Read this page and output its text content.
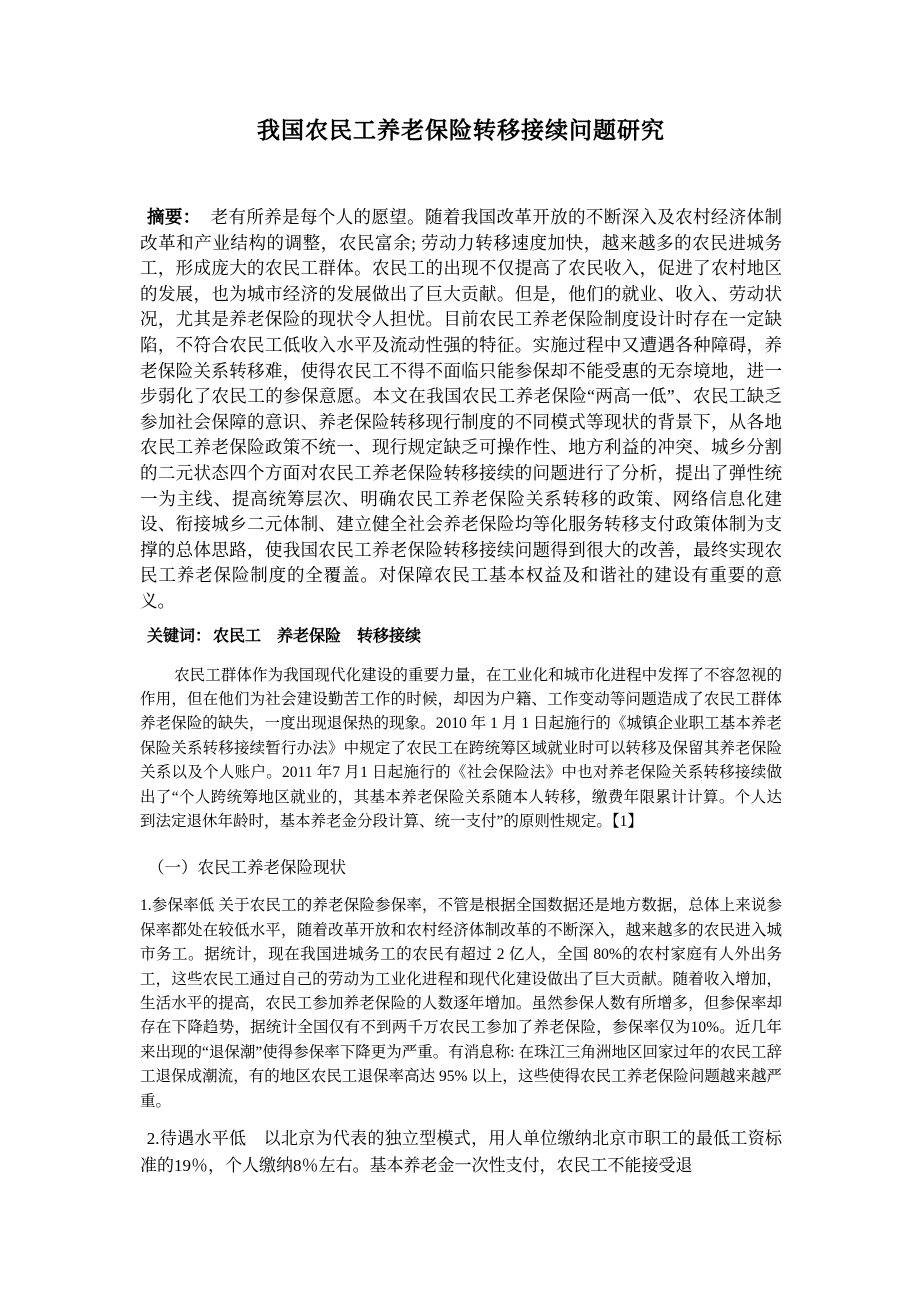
我国农民工养老保险转移接续问题研究

摘要： 老有所养是每个人的愿望。随着我国改革开放的不断深入及农村经济体制改革和产业结构的调整，农民富余; 劳动力转移速度加快，越来越多的农民进城务工，形成庞大的农民工群体。农民工的出现不仅提高了农民收入，促进了农村地区的发展，也为城市经济的发展做出了巨大贡献。但是，他们的就业、收入、劳动状况，尤其是养老保险的现状令人担忧。目前农民工养老保险制度设计时存在一定缺陷，不符合农民工低收入水平及流动性强的特征。实施过程中又遭遇各种障碍，养老保险关系转移难，使得农民工不得不面临只能参保却不能受惠的无奈境地，进一步弱化了农民工的参保意愿。本文在我国农民工养老保险“两高一低”、农民工缺乏参加社会保障的意识、养老保险转移现行制度的不同模式等现状的背景下，从各地农民工养老保险政策不统一、现行规定缺乏可操作性、地方利益的冲突、城乡分割的二元状态四个方面对农民工养老保险转移接续的问题进行了分析，提出了弹性统一为主线、提高统筹层次、明确农民工养老保险关系转移的政策、网络信息化建设、衔接城乡二元体制、建立健全社会养老保险均等化服务转移支付政策体制为支撑的总体思路，使我国农民工养老保险转移接续问题得到很大的改善，最终实现农民工养老保险制度的全覆盖。对保障农民工基本权益及和谐社的建设有重要的意义。

关键词： 农民工　养老保险　转移接续

农民工群体作为我国现代化建设的重要力量，在工业化和城市化进程中发挥了不容忽视的作用，但在他们为社会建设勤苦工作的时候，却因为户籍、工作变动等问题造成了农民工群体养老保险的缺失，一度出现退保热的现象。2010 年 1 月 1 日起施行的《城镇企业职工基本养老保险关系转移接续暂行办法》中规定了农民工在跨统筹区域就业时可以转移及保留其养老保险关系以及个人账户。2011 年7 月1 日起施行的《社会保险法》中也对养老保险关系转移接续做出了“个人跨统筹地区就业的，其基本养老保险关系随本人转移，缴费年限累计计算。个人达到法定退休年龄时，基本养老金分段计算、统一支付”的原则性规定。【1】

（一）农民工养老保险现状

1.参保率低 关于农民工的养老保险参保率，不管是根据全国数据还是地方数据，总体上来说参保率都处在较低水平，随着改革开放和农村经济体制改革的不断深入，越来越多的农民进入城市务工。据统计，现在我国进城务工的农民有超过 2 亿人，全国 80%的农村家庭有人外出务工，这些农民工通过自己的劳动为工业化进程和现代化建设做出了巨大贡献。随着收入增加，生活水平的提高，农民工参加养老保险的人数逐年增加。虽然参保人数有所增多，但参保率却存在下降趋势，据统计全国仅有不到两千万农民工参加了养老保险，参保率仅为10%。近几年来出现的“退保潮”使得参保率下降更为严重。有消息称: 在珠江三角洲地区回家过年的农民工辞工退保成潮流，有的地区农民工退保率高达 95% 以上，这些使得农民工养老保险问题越来越严重。

2.待遇水平低　以北京为代表的独立型模式，用人单位缴纳北京市职工的最低工资标准的19％，个人缴纳8％左右。基本养老金一次性支付，农民工不能接受退
